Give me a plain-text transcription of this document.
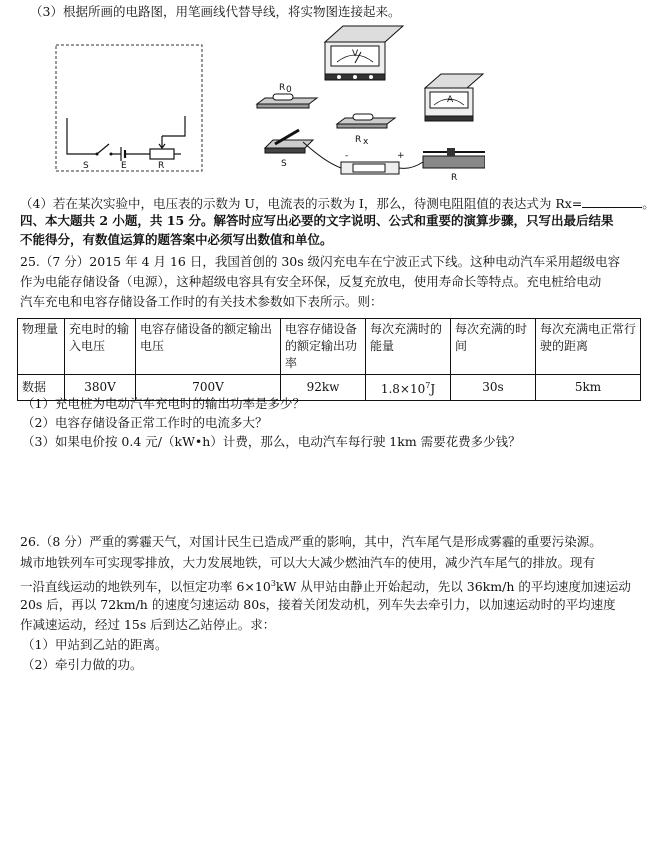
（3）根据所画的电路图，用笔画线代替导线，将实物图连接起来。
S	E	R
V
A
R 0
R x
S
-	+
R
（4）若在某次实验中，电压表的示数为 U，电流表的示数为 I，那么，待测电阻阻值的表达式为 Rx=	。
四、本大题共 2 小题，共 15 分。解答时应写出必要的文字说明、公式和重要的演算步骤，只写出最后结果
不能得分，有数值运算的题答案中必须写出数值和单位。
25.（7 分）2015 年 4 月 16 日，我国首创的 30s 级闪充电车在宁波正式下线。这种电动汽车采用超级电容
作为电能存储设备（电源），这种超级电容具有安全环保，反复充放电，使用寿命长等特点。充电桩给电动
汽车充电和电容存储设备工作时的有关技术参数如下表所示。则：
物理量	充电时的输入电压	电容存储设备的额定输出电压	电容存储设备的额定输出功率	每次充满时的能量	每次充满的时间	每次充满电正常行驶的距离
数据	380V	700V	92kw	$1.8\times 10^7J$	30s	5km
（1）充电桩为电动汽车充电时的输出功率是多少？
（2）电容存储设备正常工作时的电流多大？
（3）如果电价按 0.4 元/（kW•h）计费，那么，电动汽车每行驶 1km 需要花费多少钱？
26.（8 分）严重的雾霾天气，对国计民生已造成严重的影响，其中，汽车尾气是形成雾霾的重要污染源。
城市地铁列车可实现零排放，大力发展地铁，可以大大减少燃油汽车的使用，减少汽车尾气的排放。现有
一沿直线运动的地铁列车，以恒定功率 $6\times 10^3kW$ 从甲站由静止开始起动，先以 36km/h 的平均速度加速运动
20s 后，再以 72km/h 的速度匀速运动 80s，接着关闭发动机，列车失去牵引力，以加速运动时的平均速度
作减速运动，经过 15s 后到达乙站停止。求：
（1）甲站到乙站的距离。
（2）牵引力做的功。
